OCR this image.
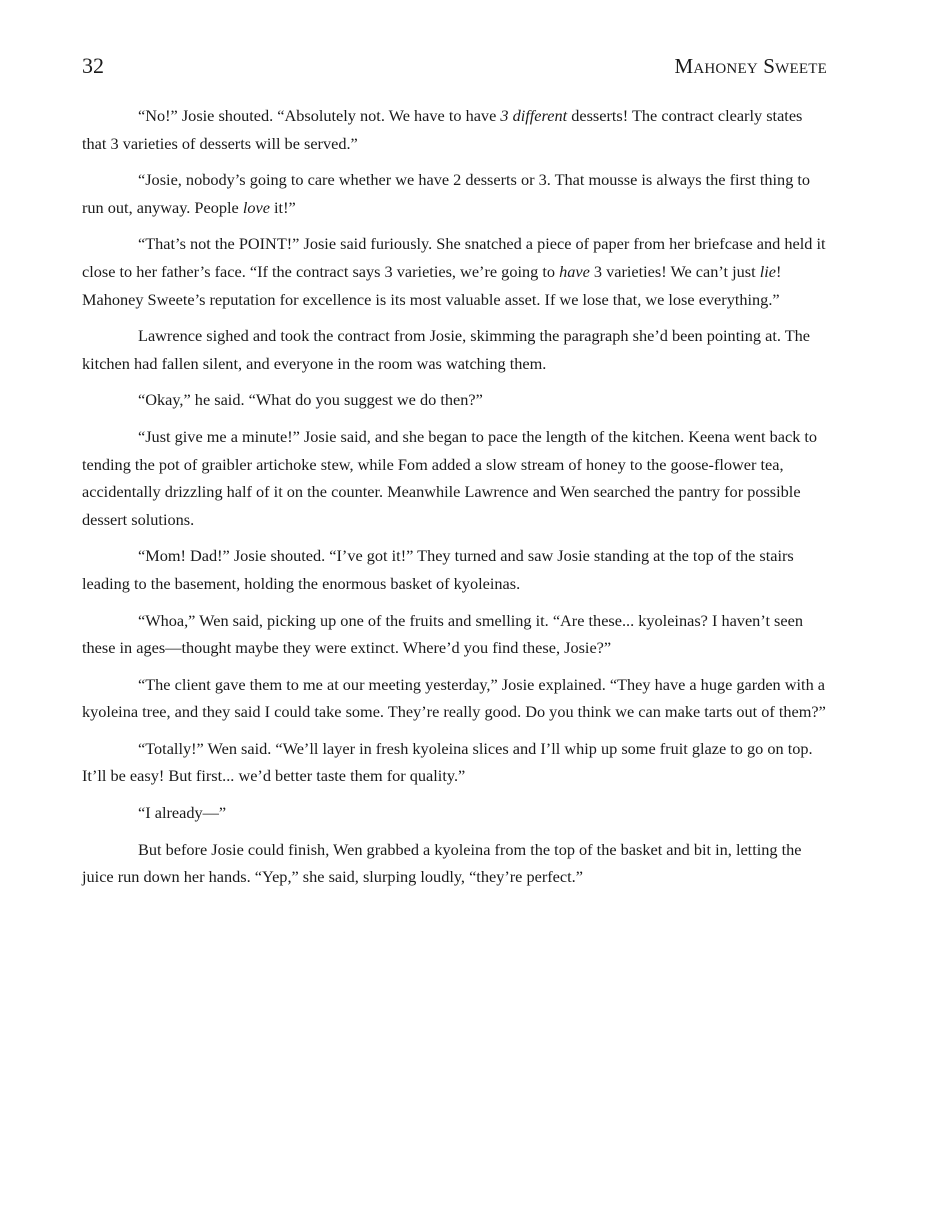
32	Mahoney Sweete

“No!” Josie shouted. “Absolutely not. We have to have 3 different desserts! The contract clearly states that 3 varieties of desserts will be served.”

“Josie, nobody’s going to care whether we have 2 desserts or 3. That mousse is always the first thing to run out, anyway. People love it!”

“That’s not the POINT!” Josie said furiously. She snatched a piece of paper from her briefcase and held it close to her father’s face. “If the contract says 3 varieties, we’re going to have 3 varieties! We can’t just lie! Mahoney Sweete’s reputation for excellence is its most valuable asset. If we lose that, we lose everything.”

Lawrence sighed and took the contract from Josie, skimming the paragraph she’d been pointing at. The kitchen had fallen silent, and everyone in the room was watching them.

“Okay,” he said. “What do you suggest we do then?”

“Just give me a minute!” Josie said, and she began to pace the length of the kitchen. Keena went back to tending the pot of graibler artichoke stew, while Fom added a slow stream of honey to the goose-flower tea, accidentally drizzling half of it on the counter. Meanwhile Lawrence and Wen searched the pantry for possible dessert solutions.

“Mom! Dad!” Josie shouted. “I’ve got it!” They turned and saw Josie standing at the top of the stairs leading to the basement, holding the enormous basket of kyoleinas.

“Whoa,” Wen said, picking up one of the fruits and smelling it. “Are these... kyoleinas? I haven’t seen these in ages—thought maybe they were extinct. Where’d you find these, Josie?”

“The client gave them to me at our meeting yesterday,” Josie explained. “They have a huge garden with a kyoleina tree, and they said I could take some. They’re really good. Do you think we can make tarts out of them?”

“Totally!” Wen said. “We’ll layer in fresh kyoleina slices and I’ll whip up some fruit glaze to go on top. It’ll be easy! But first... we’d better taste them for quality.”

“I already—”

But before Josie could finish, Wen grabbed a kyoleina from the top of the basket and bit in, letting the juice run down her hands. “Yep,” she said, slurping loudly, “they’re perfect.”
